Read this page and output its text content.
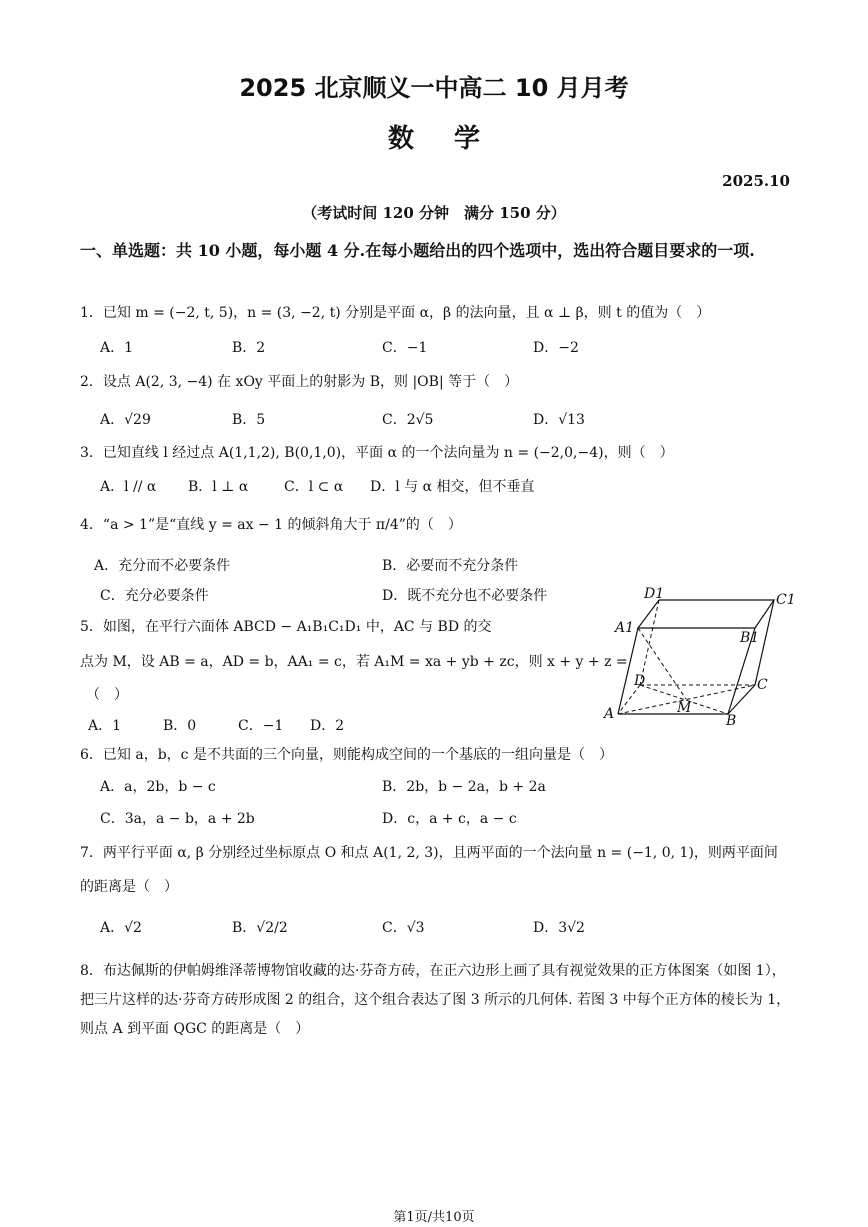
2025 北京顺义一中高二 10 月月考
数学
2025.10
（考试时间 120 分钟　满分 150 分）
一、单选题：共 10 小题，每小题 4 分.在每小题给出的四个选项中，选出符合题目要求的一项.
1．已知 m = (−2, t, 5)，n = (3, −2, t) 分别是平面 α，β 的法向量，且 α ⊥ β，则 t 的值为（　）
A．1	B．2	C．−1	D．−2
2．设点 A(2, 3, −4) 在 xOy 平面上的射影为 B，则 |OB| 等于（　）
A．√29	B．5	C．2√5	D．√13
3．已知直线 l 经过点 A(1,1,2), B(0,1,0)，平面 α 的一个法向量为 n = (−2,0,−4)，则（　）
A．l // α B．l ⊥ α	C．l ⊂ α D．l 与 α 相交，但不垂直
4．“a > 1”是“直线 y = ax − 1 的倾斜角大于 π/4”的（　）
A．充分而不必要条件	B．必要而不充分条件
C．充分必要条件	D．既不充分也不必要条件
5．如图，在平行六面体 ABCD − A₁B₁C₁D₁ 中，AC 与 BD 的交
点为 M，设 AB = a，AD = b，AA₁ = c，若 A₁M = xa + yb + zc，则 x + y + z =
（　）
A．1	B．0	C．−1 D．2
D1	C1
A1
B1
D	C
A	M
B
6．已知 a，b，c 是不共面的三个向量，则能构成空间的一个基底的一组向量是（　）
A．a，2b，b − c	B．2b，b − 2a，b + 2a
C．3a，a − b，a + 2b	D．c，a + c，a − c
7．两平行平面 α, β 分别经过坐标原点 O 和点 A(1, 2, 3)，且两平面的一个法向量 n = (−1, 0, 1)，则两平面间
的距离是（　）
A．√2	B．√2/2	C．√3	D．3√2
8．布达佩斯的伊帕姆维泽蒂博物馆收藏的达·芬奇方砖，在正六边形上画了具有视觉效果的正方体图案（如图 1），把三片这样的达·芬奇方砖形成图 2 的组合，这个组合表达了图 3 所示的几何体. 若图 3 中每个正方体的棱长为 1，则点 A 到平面 QGC 的距离是（　）
第1页/共10页
